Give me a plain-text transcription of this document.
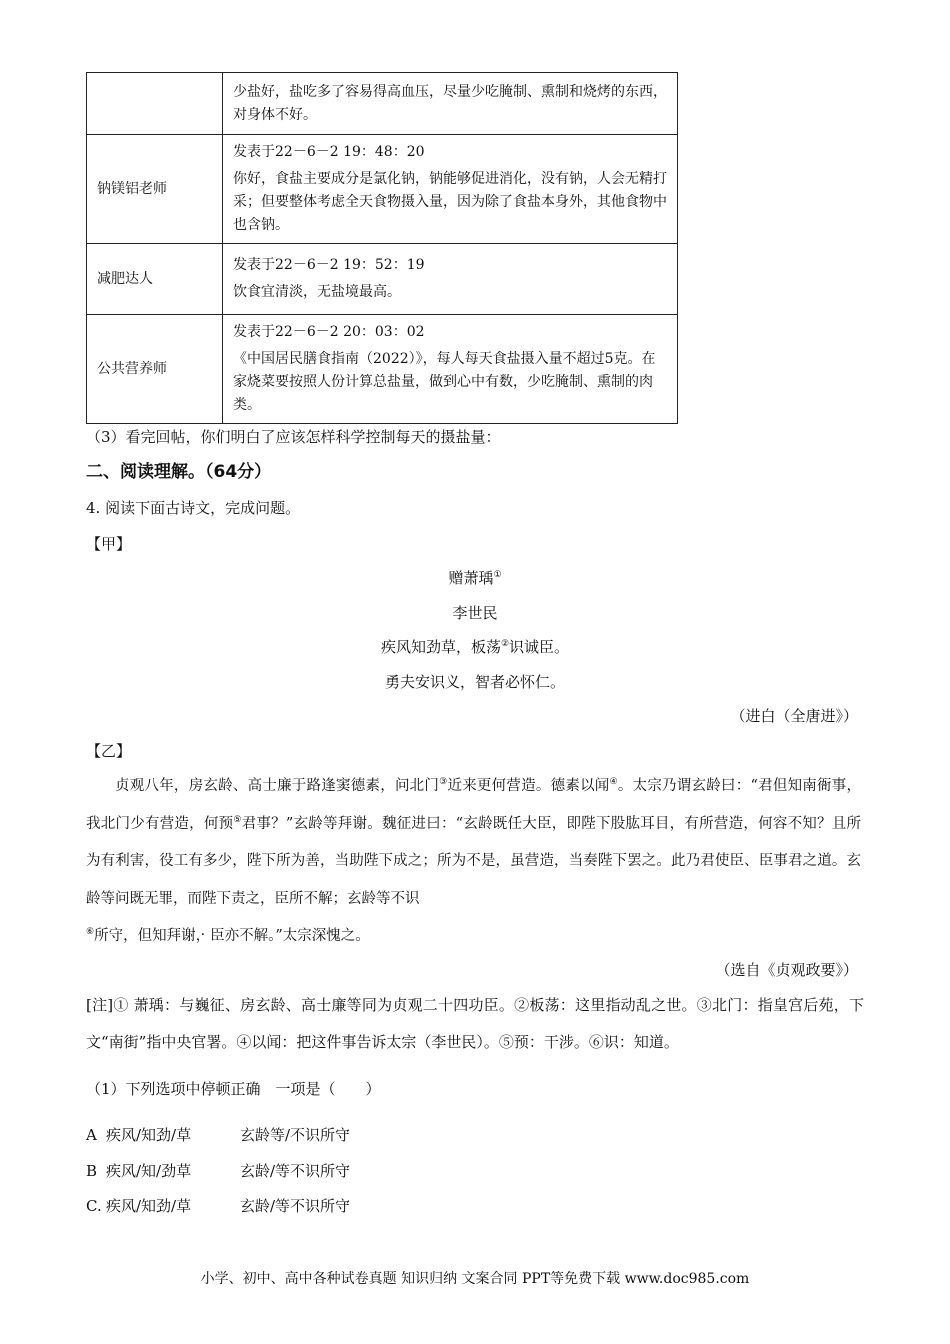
	少盐好，盐吃多了容易得高血压，尽量少吃腌制、熏制和烧烤的东西，对身体不好。

钠镁铝老师	发表于22－6－2 19：48：20
你好，食盐主要成分是氯化钠，钠能够促进消化，没有钠，人会无精打采；但要整体考虑全天食物摄入量，因为除了食盐本身外，其他食物中也含钠。

减肥达人	发表于22－6－2 19：52：19
饮食宜清淡，无盐境最高。

公共营养师	发表于22－6－2 20：03：02
《中国居民膳食指南（2022）》，每人每天食盐摄入量不超过5克。在家烧菜要按照人份计算总盐量，做到心中有数，少吃腌制、熏制的肉类。
（3）看完回帖，你们明白了应该怎样科学控制每天的摄盐量：
二、阅读理解。（64分）
4. 阅读下面古诗文，完成问题。
【甲】
赠萧瑀①
李世民
疾风知劲草，板荡②识诚臣。
勇夫安识义，智者必怀仁。
（进白（全唐进》）
【乙】

贞观八年，房玄龄、高士廉于路· 逢窦德素，问北门③近来更何营造。德素以闻④。太宗乃谓玄龄曰：“君但知南衙事，我北门少有营造，何预⑤君事？”玄龄等拜谢。魏征进曰：“玄龄既· 任大臣，即陛下股肱耳目，有所营造，何容不知？且所为有利害，役工有多少，陛下所为善，当助陛下成之；所为不是，虽营造，当奏陛下罢之。此乃君使臣、臣事君之道。玄龄等问既无罪，而陛下责 ·之，臣所不解；玄龄等不识
⑥所守，但知拜· 谢，臣亦不解。”太宗深愧之。

（选自《贞观政要》）
[注]① 萧瑀：与巍征、房玄龄、高士廉等同为贞观二十四功臣。②板荡：这里指动乱之世。③北门：指皇宫后苑，下文“南街”指中央官署。④以闻：把这件事告诉太宗（李世民）。⑤预：干涉。⑥识：知道。
（1）下列选项中停顿正确　一项是（　　）
A 疾风/知劲/草	玄龄等/不识所守
B 疾风/知/劲草	玄龄/等不识所守
C. 疾风/知劲/草	玄龄/等不识所守
小学、初中、高中各种试卷真题 知识归纳 文案合同 PPT等免费下载 www.doc985.com
